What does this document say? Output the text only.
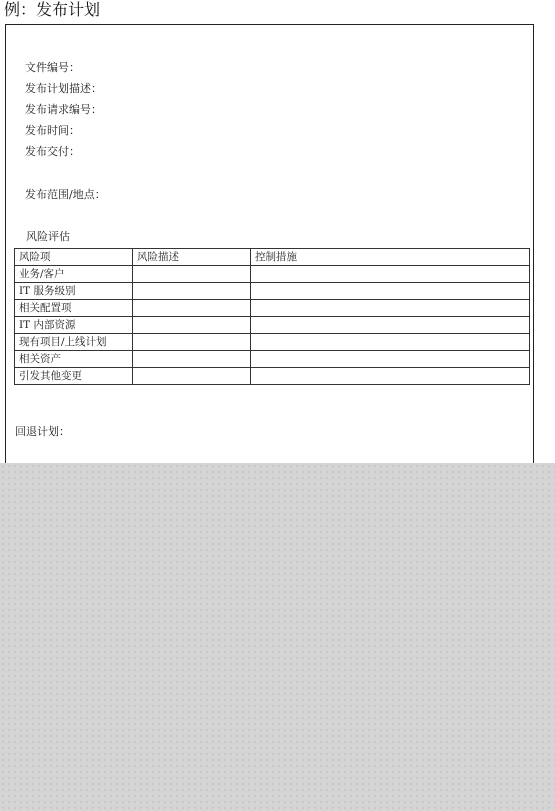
例：发布计划
文件编号：
发布计划描述：
发布请求编号：
发布时间：
发布交付：
发布范围/地点：
风险评估
风险项	风险描述	控制措施
业务/客户		
IT 服务级别		
相关配置项		
IT 内部资源		
现有项目/上线计划		
相关资产		
引发其他变更		
回退计划：
